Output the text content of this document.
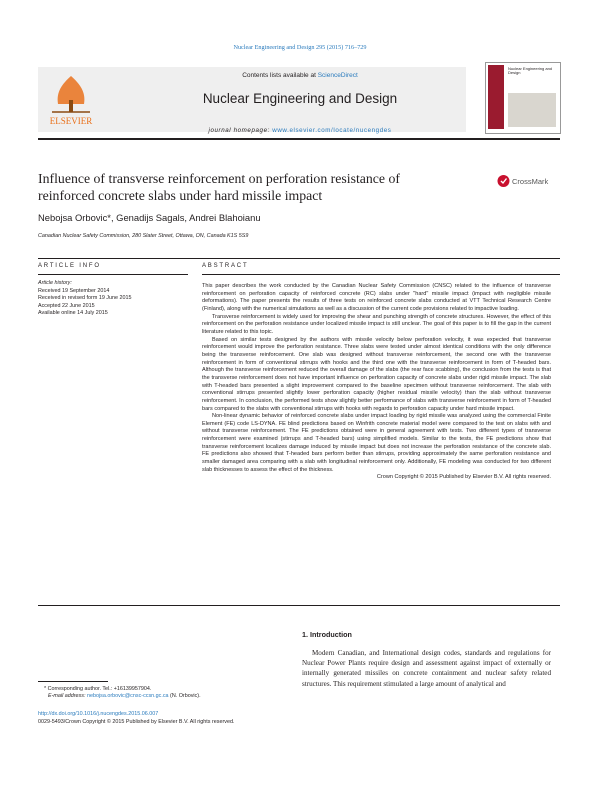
Nuclear Engineering and Design 295 (2015) 716–729
ELSEVIER
Contents lists available at ScienceDirect
Nuclear Engineering and Design
journal homepage: www.elsevier.com/locate/nucengdes
Nuclear Engineering and Design
Influence of transverse reinforcement on perforation resistance of reinforced concrete slabs under hard missile impact
CrossMark
Nebojsa Orbovic*, Genadijs Sagals, Andrei Blahoianu
Canadian Nuclear Safety Commission, 280 Slater Street, Ottawa, ON, Canada K1S 5S9
ARTICLE INFO
Article history:
Received 19 September 2014
Received in revised form 19 June 2015
Accepted 22 June 2015
Available online 14 July 2015
ABSTRACT

This paper describes the work conducted by the Canadian Nuclear Safety Commission (CNSC) related to the influence of transverse reinforcement on perforation capacity of reinforced concrete (RC) slabs under "hard" missile impact (impact with negligible missile deformations). The paper presents the results of three tests on reinforced concrete slabs conducted at VTT Technical Research Centre (Finland), along with the numerical simulations as well as a discussion of the current code provisions related to impactive loading.

Transverse reinforcement is widely used for improving the shear and punching strength of concrete structures. However, the effect of this reinforcement on the perforation resistance under localized missile impact is still unclear. The goal of this paper is to fill the gap in the current literature related to this topic.

Based on similar tests designed by the authors with missile velocity below perforation velocity, it was expected that transverse reinforcement would improve the perforation resistance. Three slabs were tested under almost identical conditions with the only difference being the transverse reinforcement. One slab was designed without transverse reinforcement, the second one with the transverse reinforcement in form of conventional stirrups with hooks and the third one with the transverse reinforcement in form of T-headed bars. Although the transverse reinforcement reduced the overall damage of the slabs (the rear face scabbing), the conclusion from the tests is that the transverse reinforcement does not have important influence on perforation capacity of concrete slabs under rigid missile impact. The slab with T-headed bars presented a slight improvement compared to the baseline specimen without transverse reinforcement. The slab with conventional stirrups presented slightly lower perforation capacity (higher residual missile velocity) than the slab without transverse reinforcement. In conclusion, the performed tests show slightly better performance of slabs with transverse reinforcement in form of T-headed bars compared to the slabs with conventional stirrups with hooks with regards to perforation capacity under hard missile impact.

Non-linear dynamic behavior of reinforced concrete slabs under impact loading by rigid missile was analyzed using the commercial Finite Element (FE) code LS-DYNA. FE blind predictions based on Winfrith concrete material model were compared to the test on slabs with and without transverse reinforcement. The FE predictions obtained were in general agreement with tests. Two different types of transverse reinforcement were examined (stirrups and T-headed bars) using simplified models. Similar to the tests, the FE predictions show that transverse reinforcement localizes damage induced by missile impact but does not increase the perforation resistance of the concrete slab. FE predictions also showed that T-headed bars perform better than stirrups, providing approximately the same perforation resistance and smaller damaged area comparing with a slab with longitudinal reinforcement only. Additionally, FE modeling was conducted for two different slab thicknesses to assess the effect of the thickness.

Crown Copyright © 2015 Published by Elsevier B.V. All rights reserved.
1. Introduction
Modern Canadian, and International design codes, standards and regulations for Nuclear Power Plants require design and assessment against impact of externally or internally generated missiles on concrete containment and nuclear safety related structures. This requirement stimulated a large amount of analytical and
* Corresponding author. Tel.: +16139957904.
E-mail address: nebojsa.orbovic@cnsc-ccsn.gc.ca (N. Orbovic).
http://dx.doi.org/10.1016/j.nucengdes.2015.06.007
0029-5493/Crown Copyright © 2015 Published by Elsevier B.V. All rights reserved.
